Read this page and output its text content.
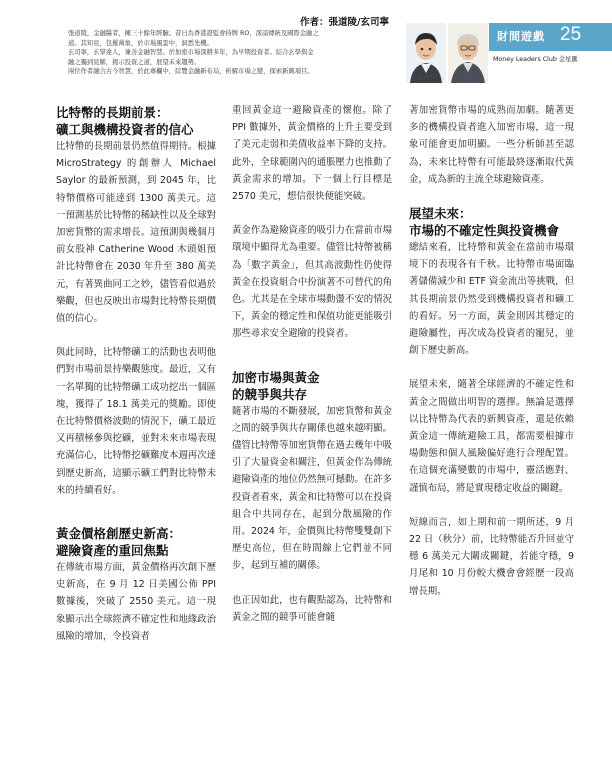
作者：張道陵/玄司寧
張道陵，金融醫者，擁三十餘年經驗。昔日為香港證監會持牌 RO，深諳傳統及國際金融之
道。其知見，包羅萬象，於市場風雲中，洞悉先機。
玄司寧，玄學達人，兼善金融智慧。於加密市場深耕多年，為早期投資者。結合玄學與金
融之獨到見解，揭示投資之道，展望未來趨勢。
兩位作者融合古今智慧，於此專欄中，綜覽金融新布局，析解市場之變，探索新興項目。
玄司寧	張道陵
財間遊戲 25
Money Leaders Club 金星匯
比特幣的長期前景：
礦工與機構投資者的信心
比特幣的長期前景仍然值得期待。根據 MicroStrategy 的創辦人 Michael Saylor 的最新預測，到 2045 年，比特幣價格可能達到 1300 萬美元。這一預測基於比特幣的稀缺性以及全球對加密貨幣的需求增長。這預測與幾個月前女股神 Catherine Wood 木頭姐預計比特幣會在 2030 年升至 380 萬美元，有著異曲同工之妙，儘管看似過於樂觀，但也反映出市場對比特幣長期價值的信心。
與此同時，比特幣礦工的活動也表明他們對市場前景持樂觀態度。最近，又有一名單獨的比特幣礦工成功挖出一個區塊，獲得了 18.1 萬美元的獎勵。即使在比特幣價格波動的情況下，礦工最近又再積極參與挖礦，並對未來市場表現充滿信心，比特幣挖礦難度本週再次達到歷史新高，這顯示礦工們對比特幣未來的持續看好。
黃金價格創歷史新高：
避險資產的重回焦點
在傳統市場方面，黃金價格再次創下歷史新高，在 9 月 12 日美國公佈 PPI 數據後，突破了 2550 美元。這一現象顯示出全球經濟不確定性和地緣政治風險的增加，令投資者
重回黃金這一避險資產的懷抱。除了 PPI 數據外，黃金價格的上升主要受到了美元走弱和美債收益率下降的支持。此外，全球範圍內的通脹壓力也推動了黃金需求的增加。下一個上行目標是 2570 美元，想信很快便能突破。
黃金作為避險資產的吸引力在當前市場環境中顯得尤為重要。儘管比特幣被稱為「數字黃金」，但其高波動性仍使得黃金在投資組合中扮演著不可替代的角色。尤其是在全球市場動盪不安的情況下，黃金的穩定性和保值功能更能吸引那些尋求安全避險的投資者。
加密市場與黃金
的競爭與共存
隨著市場的不斷發展，加密貨幣和黃金之間的競爭與共存關係也越來越明顯。儘管比特幣等加密貨幣在過去幾年中吸引了大量資金和關注，但黃金作為傳統避險資產的地位仍然無可撼動。在許多投資者看來，黃金和比特幣可以在投資組合中共同存在，起到分散風險的作用。2024 年，金價與比特幣雙雙創下歷史高位，但在時間線上它們並不同步，起到互補的關係。
也正因如此，也有觀點認為，比特幣和黃金之間的競爭可能會隨
著加密貨幣市場的成熟而加劇。隨著更多的機構投資者進入加密市場，這一現象可能會更加明顯。一些分析師甚至認為，未來比特幣有可能最終逐漸取代黃金，成為新的主流全球避險資產。
展望未來：
市場的不確定性與投資機會
總結來看，比特幣和黃金在當前市場環境下的表現各有千秋。比特幣市場面臨著儲備減少和 ETF 資金流出等挑戰，但其長期前景仍然受到機構投資者和礦工的看好。另一方面，黃金則因其穩定的避險屬性，再次成為投資者的寵兒，並創下歷史新高。
展望未來，隨著全球經濟的不確定性和黃金之間做出明智的選擇。無論是選擇以比特幣為代表的新興資產，還是依賴黃金這一傳統避險工具，都需要根據市場動態和個人風險偏好進行合理配置。在這個充滿變數的市場中，靈活應對、謹慎布局，將是實現穩定收益的關鍵。
短線而言，如上期和前一期所述，9 月 22 日（秋分）前，比特幣能否升回並守穩 6 萬美元大關成關鍵，若能守穩，9 月尾和 10 月份較大機會會經歷一段高增長期。
